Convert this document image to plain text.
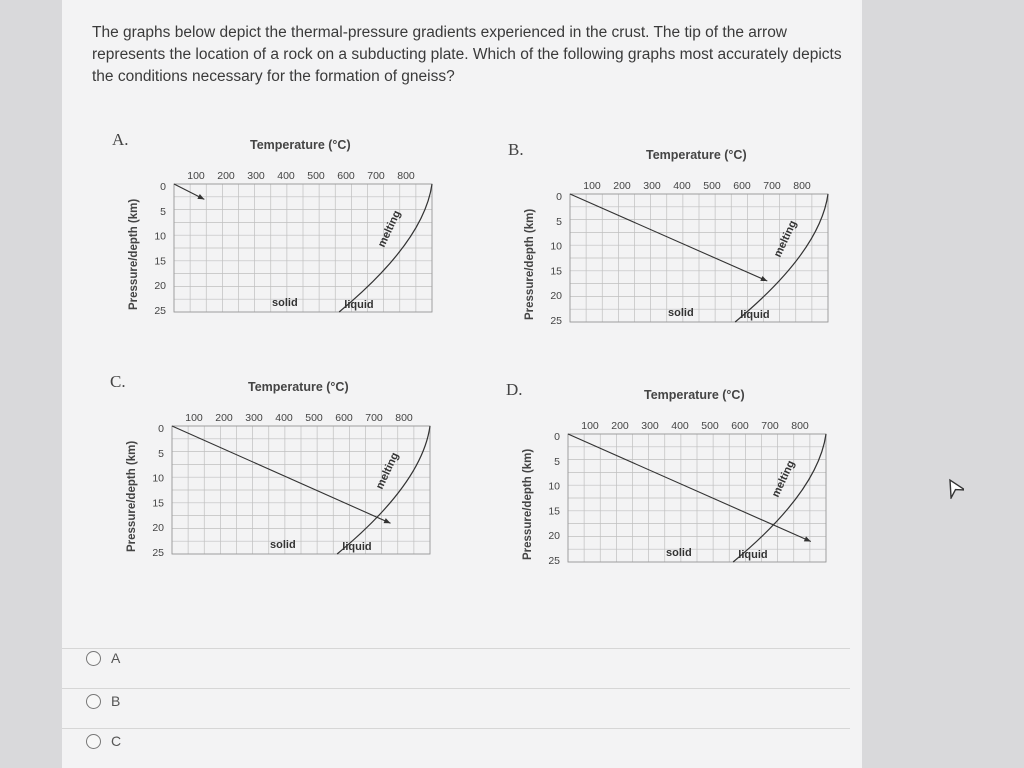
The graphs below depict the thermal-pressure gradients experienced in the crust. The tip of the arrow represents the location of a rock on a subducting plate. Which of the following graphs most accurately depicts the conditions necessary for the formation of gneiss?
A.	Temperature (°C)
Pressure/depth (km)
100 200 300 400 500 600 700 800
0
5
10
15
20
25
melting
solid	liquid
B.	Temperature (°C)
Pressure/depth (km)
100 200 300 400 500 600 700 800
0
5
10
15
20
25
melting
solid	liquid
C.	Temperature (°C)
Pressure/depth (km)
100 200 300 400 500 600 700 800
0
5
10
15
20
25
melting
solid	liquid
D.	Temperature (°C)
Pressure/depth (km)
100 200 300 400 500 600 700 800
0
5
10
15
20
25
melting
solid	liquid
A
B
C
